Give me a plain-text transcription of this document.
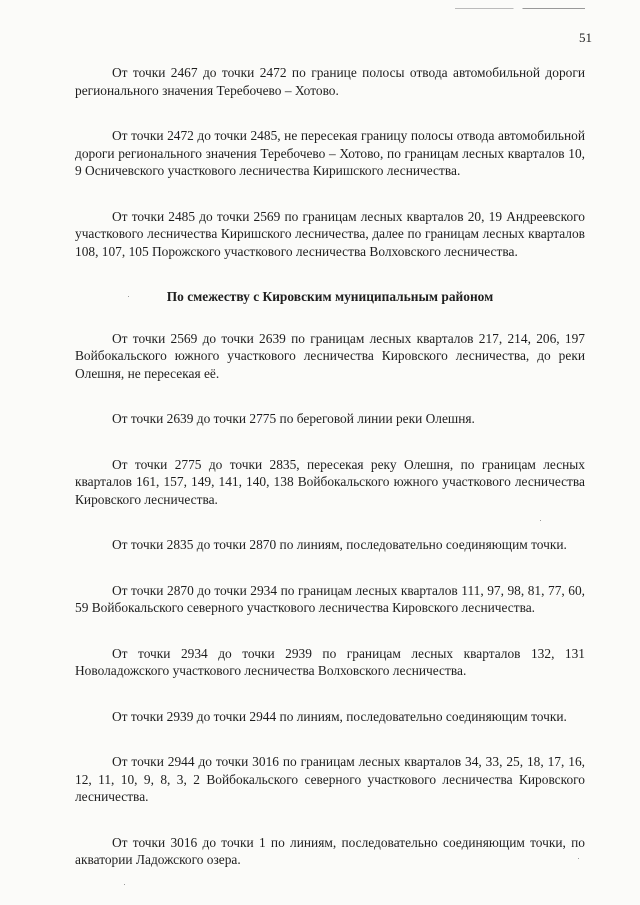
51

От точки 2467 до точки 2472 по границе полосы отвода автомобильной дороги регионального значения Теребочево – Хотово.

От точки 2472 до точки 2485, не пересекая границу полосы отвода автомобильной дороги регионального значения Теребочево – Хотово, по границам лесных кварталов 10, 9 Осничевского участкового лесничества Киришского лесничества.

От точки 2485 до точки 2569 по границам лесных кварталов 20, 19 Андреевского участкового лесничества Киришского лесничества, далее по границам лесных кварталов 108, 107, 105 Порожского участкового лесничества Волховского лесничества.

По смежеству с Кировским муниципальным районом

От точки 2569 до точки 2639 по границам лесных кварталов 217, 214, 206, 197 Войбокальского южного участкового лесничества Кировского лесничества, до реки Олешня, не пересекая её.

От точки 2639 до точки 2775 по береговой линии реки Олешня.

От точки 2775 до точки 2835, пересекая реку Олешня, по границам лесных кварталов 161, 157, 149, 141, 140, 138 Войбокальского южного участкового лесничества Кировского лесничества.

От точки 2835 до точки 2870 по линиям, последовательно соединяющим точки.

От точки 2870 до точки 2934 по границам лесных кварталов 111, 97, 98, 81, 77, 60, 59 Войбокальского северного участкового лесничества Кировского лесничества.

От точки 2934 до точки 2939 по границам лесных кварталов 132, 131 Новоладожского участкового лесничества Волховского лесничества.

От точки 2939 до точки 2944 по линиям, последовательно соединяющим точки.

От точки 2944 до точки 3016 по границам лесных кварталов 34, 33, 25, 18, 17, 16, 12, 11, 10, 9, 8, 3, 2 Войбокальского северного участкового лесничества Кировского лесничества.

От точки 3016 до точки 1 по линиям, последовательно соединяющим точки, по акватории Ладожского озера.
